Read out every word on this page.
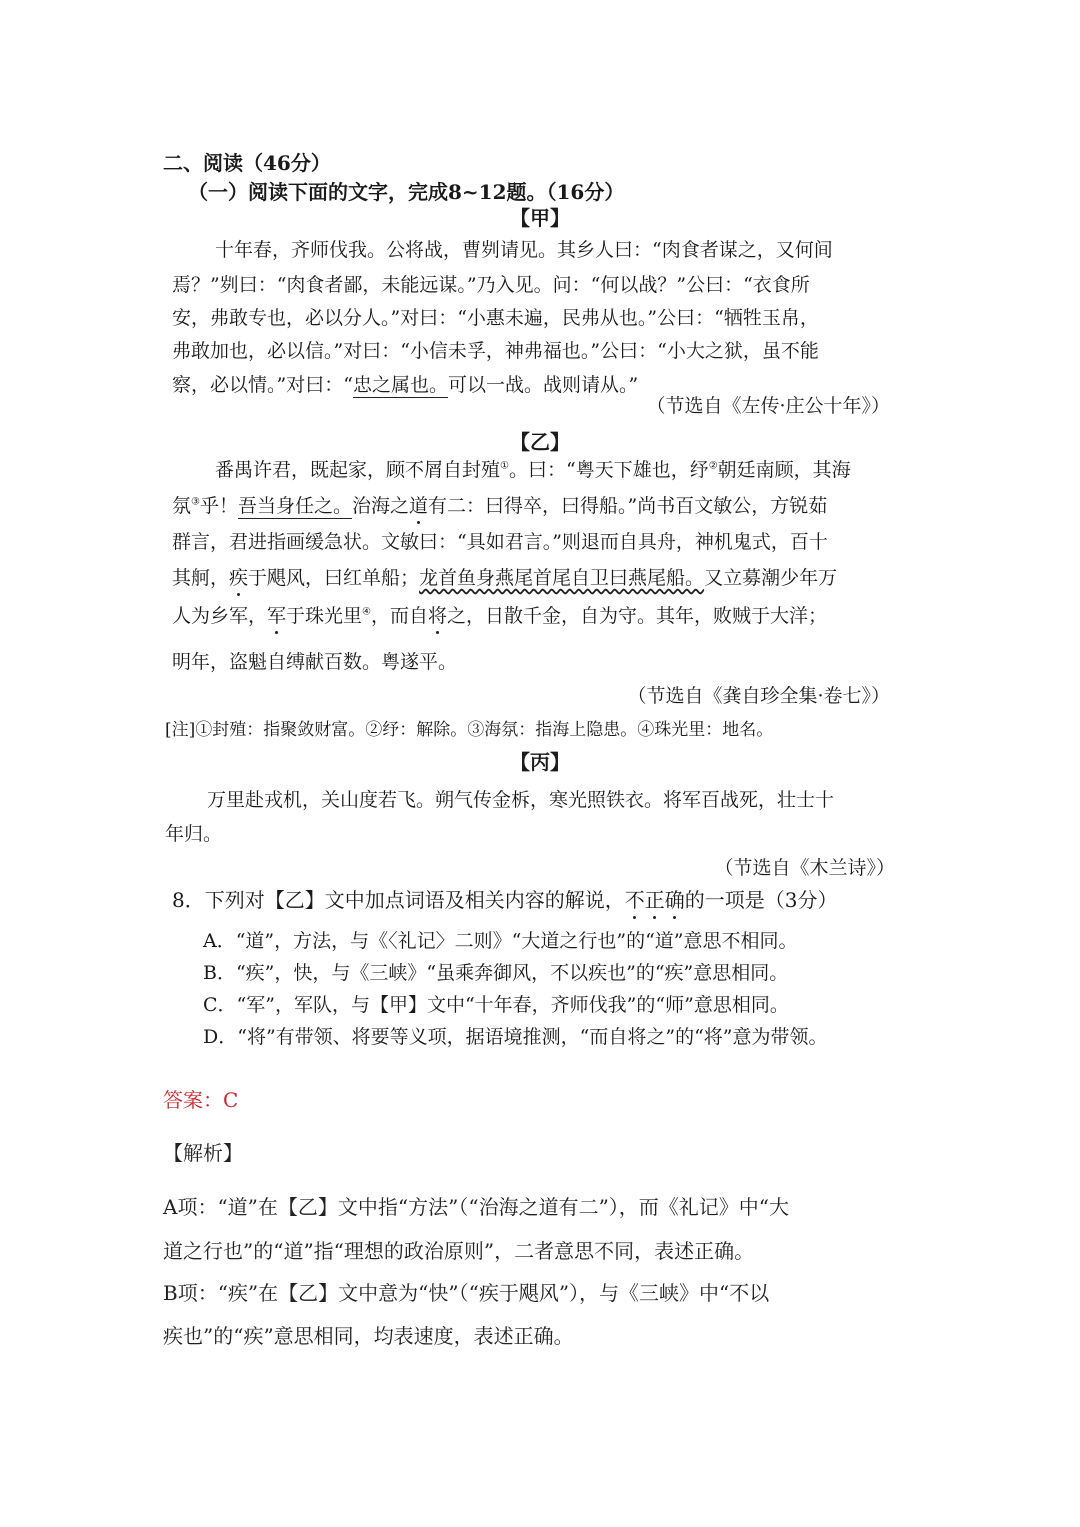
二、阅读（46分）
（一）阅读下面的文字，完成8~12题。（16分）
【甲】
十年春，齐师伐我。公将战，曹刿请见。其乡人曰：“肉食者谋之，又何间
焉？”刿曰：“肉食者鄙，未能远谋。”乃入见。问：“何以战？”公曰：“衣食所
安，弗敢专也，必以分人。”对曰：“小惠未遍，民弗从也。”公曰：“牺牲玉帛，
弗敢加也，必以信。”对曰：“小信未孚，神弗福也。”公曰：“小大之狱，虽不能
察，必以情。”对曰：“忠之属也。可以一战。战则请从。”
（节选自《左传·庄公十年》）
【乙】
番禺许君，既起家，顾不屑自封殖①。曰：“粤天下雄也，纾②朝廷南顾，其海
氛③乎！吾当身任之。治海之道有二：曰得卒，曰得船。”尚书百文敏公，方锐茹
群言，君进指画缓急状。文敏曰：“具如君言。”则退而自具舟，神机鬼式，百十
其舸，疾于飓风，曰红单船；龙首鱼身燕尾首尾自卫曰燕尾船。又立募潮少年万
人为乡军，军于珠光里④，而自将之，日散千金，自为守。其年，败贼于大洋；
明年，盗魁自缚献百数。粤遂平。
（节选自《龚自珍全集·卷七》）
[注]①封殖：指聚敛财富。②纾：解除。③海氛：指海上隐患。④珠光里：地名。
【丙】
万里赴戎机，关山度若飞。朔气传金柝，寒光照铁衣。将军百战死，壮士十
年归。
（节选自《木兰诗》）
8．下列对【乙】文中加点词语及相关内容的解说，不正确的一项是（3分）
A．“道”，方法，与《〈礼记〉二则》“大道之行也”的“道”意思不相同。
B．“疾”，快，与《三峡》“虽乘奔御风，不以疾也”的“疾”意思相同。
C．“军”，军队，与【甲】文中“十年春，齐师伐我”的“师”意思相同。
D．“将”有带领、将要等义项，据语境推测，“而自将之”的“将”意为带领。
答案：C
【解析】
A项：“道”在【乙】文中指“方法”（“治海之道有二”），而《礼记》中“大
道之行也”的“道”指“理想的政治原则”，二者意思不同，表述正确。
B项：“疾”在【乙】文中意为“快”（“疾于飓风”），与《三峡》中“不以
疾也”的“疾”意思相同，均表速度，表述正确。
